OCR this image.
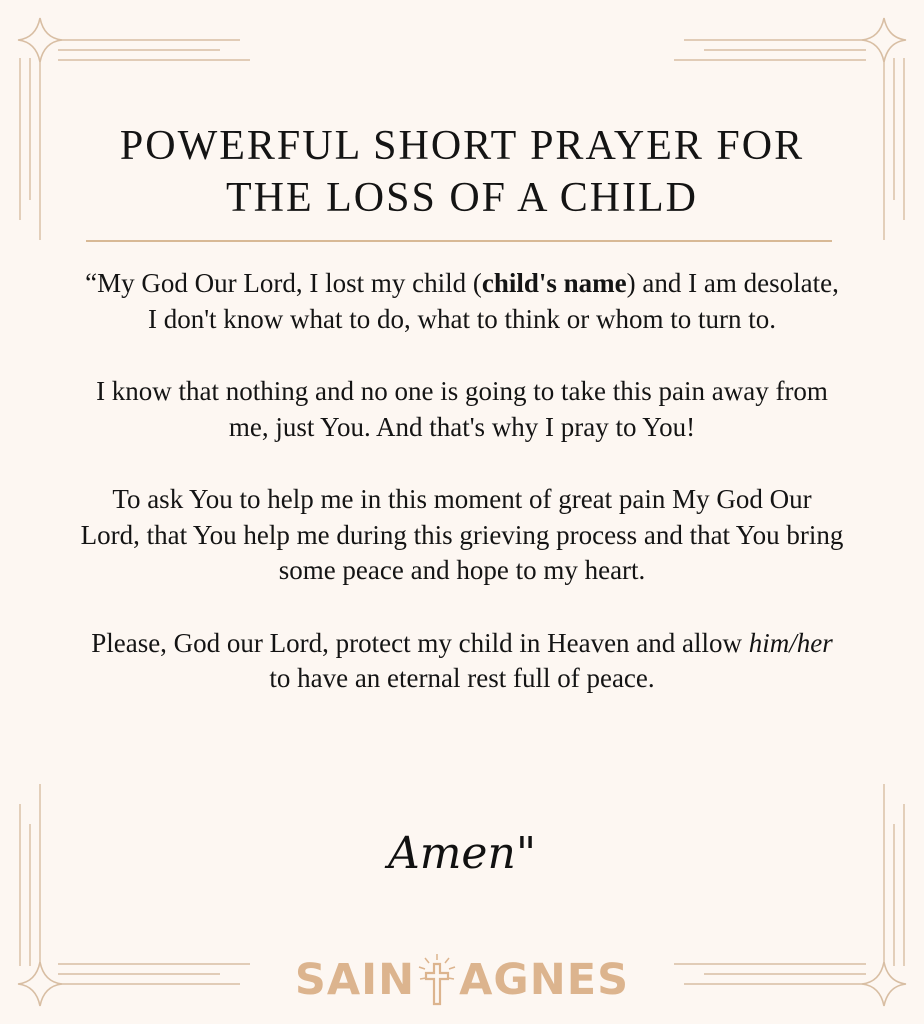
POWERFUL SHORT PRAYER FOR
THE LOSS OF A CHILD

“My God Our Lord, I lost my child (child's name) and I am desolate, I don't know what to do, what to think or whom to turn to.

I know that nothing and no one is going to take this pain away from me, just You. And that's why I pray to You!

To ask You to help me in this moment of great pain My God Our Lord, that You help me during this grieving process and that You bring some peace and hope to my heart.

Please, God our Lord, protect my child in Heaven and allow him/her to have an eternal rest full of peace.

Amen"
SAIN AGNES
